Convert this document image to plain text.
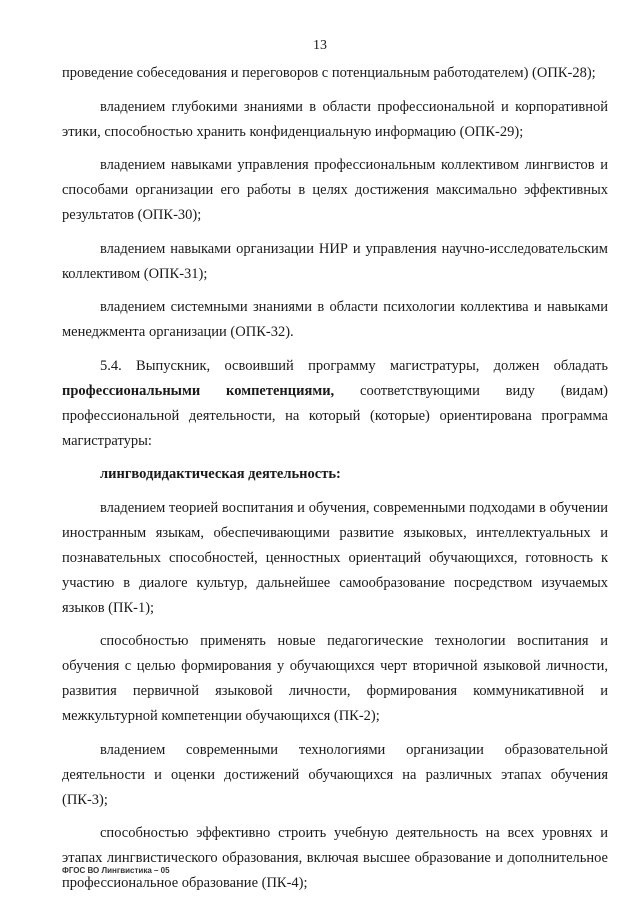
13

проведение собеседования и переговоров с потенциальным работодателем) (ОПК-28);

владением глубокими знаниями в области профессиональной и корпоративной этики, способностью хранить конфиденциальную информацию (ОПК-29);

владением навыками управления профессиональным коллективом лингвистов и способами организации его работы в целях достижения максимально эффективных результатов (ОПК-30);

владением навыками организации НИР и управления научно-исследовательским коллективом (ОПК-31);

владением системными знаниями в области психологии коллектива и навыками менеджмента организации (ОПК-32).

5.4. Выпускник, освоивший программу магистратуры, должен обладать профессиональными компетенциями, соответствующими виду (видам) профессиональной деятельности, на который (которые) ориентирована программа магистратуры:

лингводидактическая деятельность:

владением теорией воспитания и обучения, современными подходами в обучении иностранным языкам, обеспечивающими развитие языковых, интеллектуальных и познавательных способностей, ценностных ориентаций обучающихся, готовность к участию в диалоге культур, дальнейшее самообразование посредством изучаемых языков (ПК-1);

способностью применять новые педагогические технологии воспитания и обучения с целью формирования у обучающихся черт вторичной языковой личности, развития первичной языковой личности, формирования коммуникативной и межкультурной компетенции обучающихся (ПК-2);

владением современными технологиями организации образовательной деятельности и оценки достижений обучающихся на различных этапах обучения (ПК-3);

способностью эффективно строить учебную деятельность на всех уровнях и этапах лингвистического образования, включая высшее образование и дополнительное профессиональное образование (ПК-4);

ФГОС ВО Лингвистика – 05
